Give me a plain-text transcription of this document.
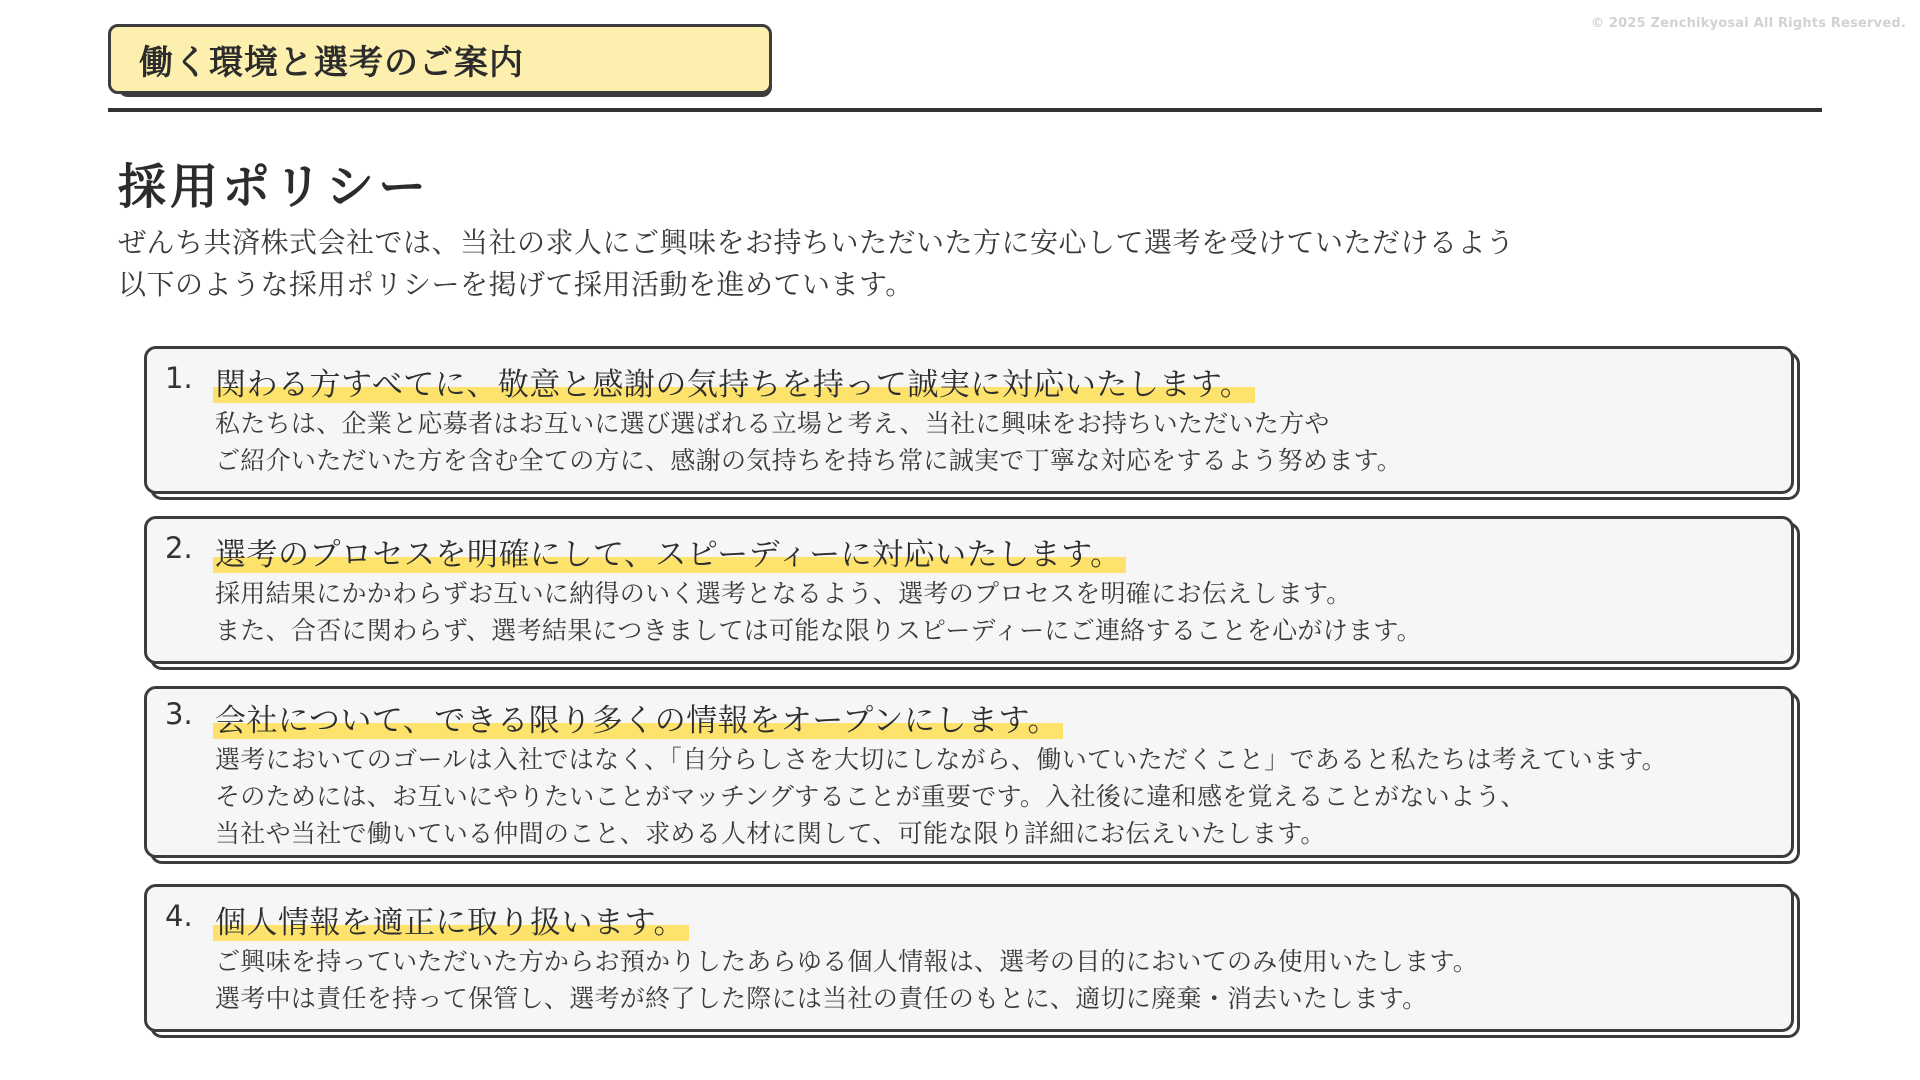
© 2025 Zenchikyosai All Rights Reserved.
働く環境と選考のご案内
採用ポリシー
ぜんち共済株式会社では、当社の求人にご興味をお持ちいただいた方に安心して選考を受けていただけるよう
以下のような採用ポリシーを掲げて採用活動を進めています。
1. 関わる方すべてに、敬意と感謝の気持ちを持って誠実に対応いたします。
私たちは、企業と応募者はお互いに選び選ばれる立場と考え、当社に興味をお持ちいただいた方や
ご紹介いただいた方を含む全ての方に、感謝の気持ちを持ち常に誠実で丁寧な対応をするよう努めます。
2. 選考のプロセスを明確にして、スピーディーに対応いたします。
採用結果にかかわらずお互いに納得のいく選考となるよう、選考のプロセスを明確にお伝えします。
また、合否に関わらず、選考結果につきましては可能な限りスピーディーにご連絡することを心がけます。
3. 会社について、できる限り多くの情報をオープンにします。
選考においてのゴールは入社ではなく、「自分らしさを大切にしながら、働いていただくこと」であると私たちは考えています。
そのためには、お互いにやりたいことがマッチングすることが重要です。入社後に違和感を覚えることがないよう、
当社や当社で働いている仲間のこと、求める人材に関して、可能な限り詳細にお伝えいたします。
4. 個人情報を適正に取り扱います。
ご興味を持っていただいた方からお預かりしたあらゆる個人情報は、選考の目的においてのみ使用いたします。
選考中は責任を持って保管し、選考が終了した際には当社の責任のもとに、適切に廃棄・消去いたします。
